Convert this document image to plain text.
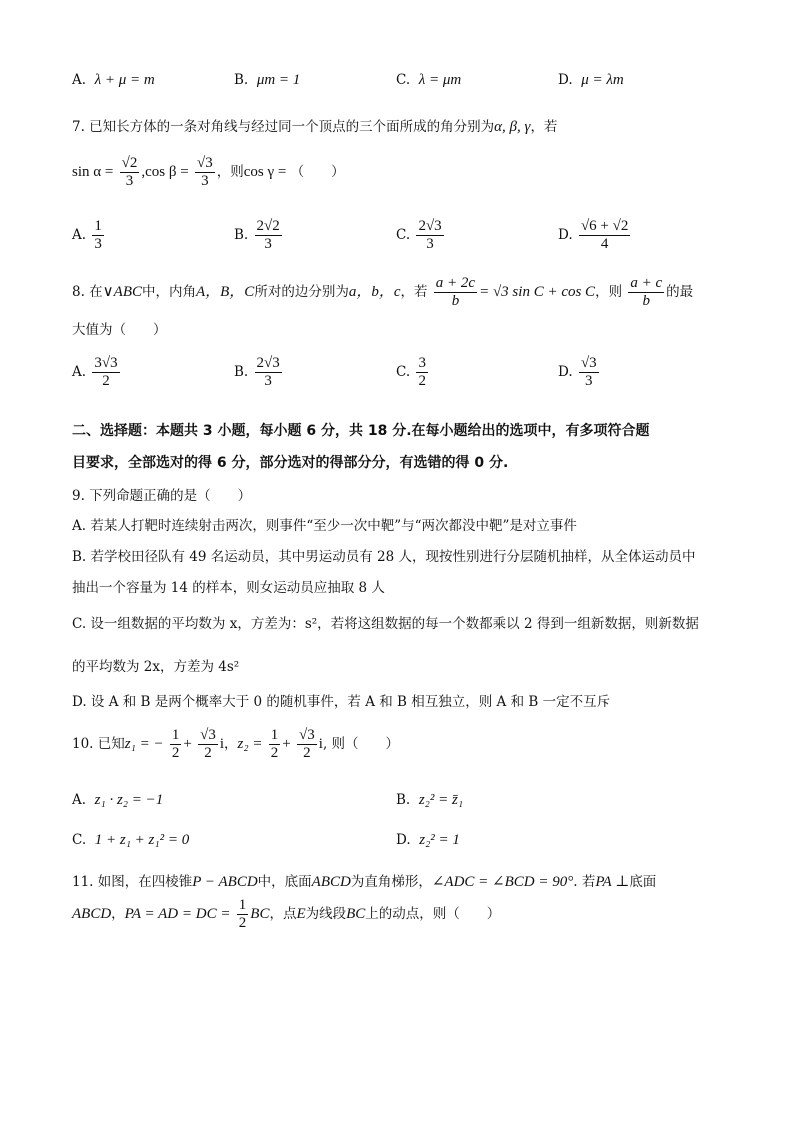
A. λ + μ = m	B. μm = 1	C. λ = μm	D. μ = λm
7. 已知长方体的一条对角线与经过同一个顶点的三个面所成的角分别为α, β, γ，若
$\sin \alpha = \frac{√2}{3} ,\cos$ $\beta = \frac{√3}{3}$ ，则cos γ = （　　）
A. $\frac{1}{3}$	B. $\frac{2√2}{3}$	C. $\frac{2√3}{3}$	D. $\frac{√6 + √2}{4}$
8. 在∨ABC中，内角A，B，C所对的边分别为a，b，c，若 $\frac{a + 2c}{b} = √3$ sin C + cos C，则 $\frac{a + c}{b}$ 的最
大值为（　　）
A. $\frac{3√3}{2}$	B. $\frac{2√3}{3}$	C. $\frac{3}{2}$	D. $\frac{√3}{3}$
二、选择题：本题共 3 小题，每小题 6 分，共 18 分.在每小题给出的选项中，有多项符合题
目要求，全部选对的得 6 分，部分选对的得部分分，有选错的得 0 分.
9. 下列命题正确的是（　　）
A. 若某人打靶时连续射击两次，则事件“至少一次中靶”与“两次都没中靶”是对立事件
B. 若学校田径队有 49 名运动员，其中男运动员有 28 人，现按性别进行分层随机抽样，从全体运动员中
抽出一个容量为 14 的样本，则女运动员应抽取 8 人
C. 设一组数据的平均数为 x，方差为：s²，若将这组数据的每一个数都乘以 2 得到一组新数据，则新数据
的平均数为 2x，方差为 4s²
D. 设 A 和 B 是两个概率大于 0 的随机事件，若 A 和 B 相互独立，则 A 和 B 一定不互斥
10. 已知z₁ = − $\frac{1}{2} + \frac{√3}{2}$ i，$z_2 = \frac{1}{2} + \frac{√3}{2} i$, 则（　　）
A. z₁ · z₂ = −1	B. z₂² = z̄₁
C. 1 + z₁ + z₁² = 0	D. z₂² = 1
11. 如图，在四棱锥P − ABCD中，底面ABCD为直角梯形，∠ADC = ∠BCD = 90°. 若PA ⊥底面
ABCD，PA = AD = DC = $\frac{1}{2}$ BC，点E为线段BC上的动点，则（　　）
